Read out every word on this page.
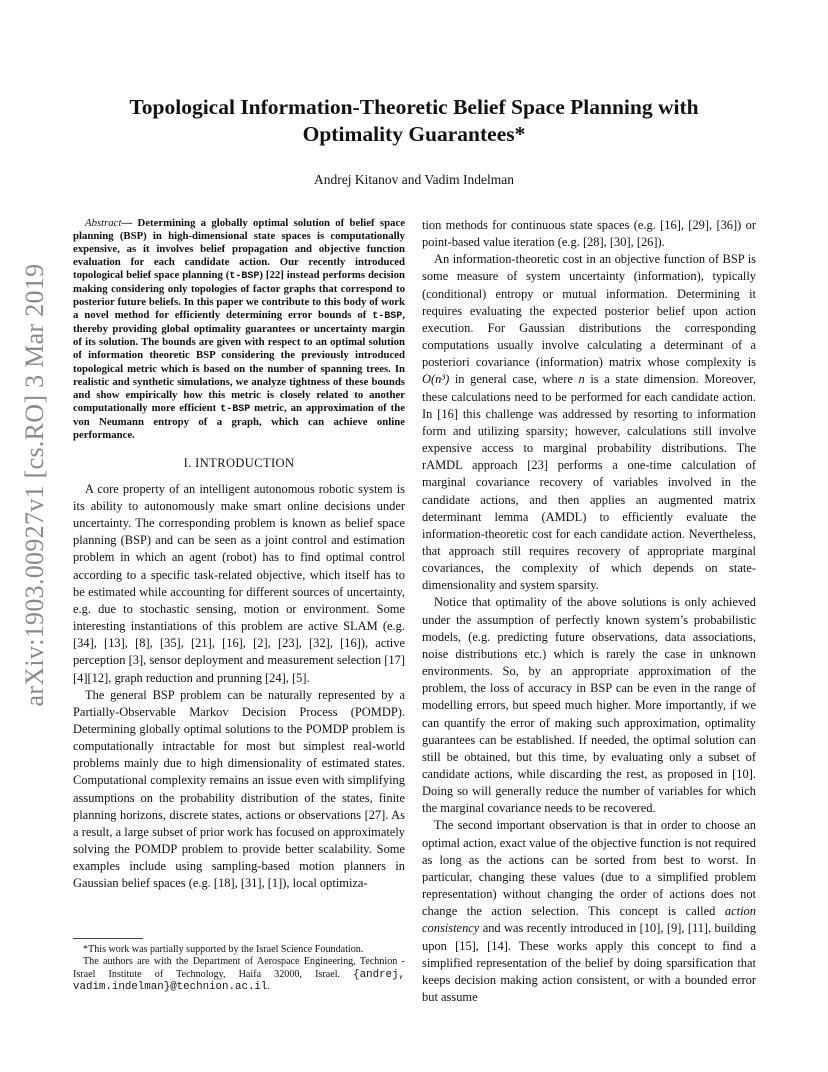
arXiv:1903.00927v1 [cs.RO] 3 Mar 2019
Topological Information-Theoretic Belief Space Planning with Optimality Guarantees*

Andrej Kitanov and Vadim Indelman

Abstract— Determining a globally optimal solution of belief space planning (BSP) in high-dimensional state spaces is computationally expensive, as it involves belief propagation and objective function evaluation for each candidate action. Our recently introduced topological belief space planning (t-BSP) [22] instead performs decision making considering only topologies of factor graphs that correspond to posterior future beliefs. In this paper we contribute to this body of work a novel method for efficiently determining error bounds of t-BSP, thereby providing global optimality guarantees or uncertainty margin of its solution. The bounds are given with respect to an optimal solution of information theoretic BSP considering the previously introduced topological metric which is based on the number of spanning trees. In realistic and synthetic simulations, we analyze tightness of these bounds and show empirically how this metric is closely related to another computationally more efficient t-BSP metric, an approximation of the von Neumann entropy of a graph, which can achieve online performance.

I. INTRODUCTION

A core property of an intelligent autonomous robotic system is its ability to autonomously make smart online decisions under uncertainty. The corresponding problem is known as belief space planning (BSP) and can be seen as a joint control and estimation problem in which an agent (robot) has to find optimal control according to a specific task-related objective, which itself has to be estimated while accounting for different sources of uncertainty, e.g. due to stochastic sensing, motion or environment. Some interesting instantiations of this problem are active SLAM (e.g. [34], [13], [8], [35], [21], [16], [2], [23], [32], [16]), active perception [3], sensor deployment and measurement selection [17][4][12], graph reduction and prunning [24], [5].

The general BSP problem can be naturally represented by a Partially-Observable Markov Decision Process (POMDP). Determining globally optimal solutions to the POMDP problem is computationally intractable for most but simplest real-world problems mainly due to high dimensionality of estimated states. Computational complexity remains an issue even with simplifying assumptions on the probability distribution of the states, finite planning horizons, discrete states, actions or observations [27]. As a result, a large subset of prior work has focused on approximately solving the POMDP problem to provide better scalability. Some examples include using sampling-based motion planners in Gaussian belief spaces (e.g. [18], [31], [1]), local optimiza-

*This work was partially supported by the Israel Science Foundation.

The authors are with the Department of Aerospace Engineering, Technion - Israel Institute of Technology, Haifa 32000, Israel. {andrej, vadim.indelman}@technion.ac.il.

tion methods for continuous state spaces (e.g. [16], [29], [36]) or point-based value iteration (e.g. [28], [30], [26]).

An information-theoretic cost in an objective function of BSP is some measure of system uncertainty (information), typically (conditional) entropy or mutual information. Determining it requires evaluating the expected posterior belief upon action execution. For Gaussian distributions the corresponding computations usually involve calculating a determinant of a posteriori covariance (information) matrix whose complexity is O(n³) in general case, where n is a state dimension. Moreover, these calculations need to be performed for each candidate action. In [16] this challenge was addressed by resorting to information form and utilizing sparsity; however, calculations still involve expensive access to marginal probability distributions. The rAMDL approach [23] performs a one-time calculation of marginal covariance recovery of variables involved in the candidate actions, and then applies an augmented matrix determinant lemma (AMDL) to efficiently evaluate the information-theoretic cost for each candidate action. Nevertheless, that approach still requires recovery of appropriate marginal covariances, the complexity of which depends on state-dimensionality and system sparsity.

Notice that optimality of the above solutions is only achieved under the assumption of perfectly known system’s probabilistic models, (e.g. predicting future observations, data associations, noise distributions etc.) which is rarely the case in unknown environments. So, by an appropriate approximation of the problem, the loss of accuracy in BSP can be even in the range of modelling errors, but speed much higher. More importantly, if we can quantify the error of making such approximation, optimality guarantees can be established. If needed, the optimal solution can still be obtained, but this time, by evaluating only a subset of candidate actions, while discarding the rest, as proposed in [10]. Doing so will generally reduce the number of variables for which the marginal covariance needs to be recovered.

The second important observation is that in order to choose an optimal action, exact value of the objective function is not required as long as the actions can be sorted from best to worst. In particular, changing these values (due to a simplified problem representation) without changing the order of actions does not change the action selection. This concept is called action consistency and was recently introduced in [10], [9], [11], building upon [15], [14]. These works apply this concept to find a simplified representation of the belief by doing sparsification that keeps decision making action consistent, or with a bounded error but assume
